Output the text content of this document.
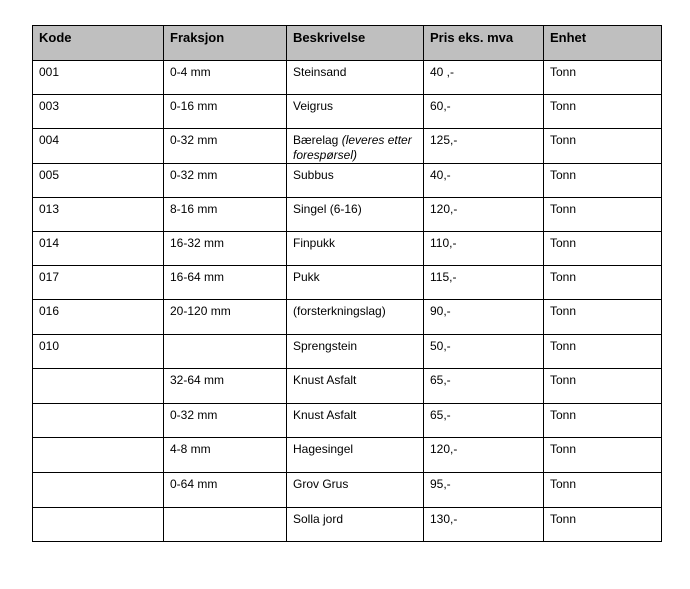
Kode	Fraksjon	Beskrivelse	Pris eks. mva	Enhet
001	0-4 mm	Steinsand	40 ,-	Tonn
003	0-16 mm	Veigrus	60,-	Tonn
004	0-32 mm	Bærelag (leveres etter forespørsel)	125,-	Tonn
005	0-32 mm	Subbus	40,-	Tonn
013	8-16 mm	Singel (6-16)	120,-	Tonn
014	16-32 mm	Finpukk	110,-	Tonn
017	16-64 mm	Pukk	115,-	Tonn
016	20-120 mm	(forsterkningslag)	90,-	Tonn
010		Sprengstein	50,-	Tonn
	32-64 mm	Knust Asfalt	65,-	Tonn
	0-32 mm	Knust Asfalt	65,-	Tonn
	4-8 mm	Hagesingel	120,-	Tonn
	0-64 mm	Grov Grus	95,-	Tonn
		Solla jord	130,-	Tonn
